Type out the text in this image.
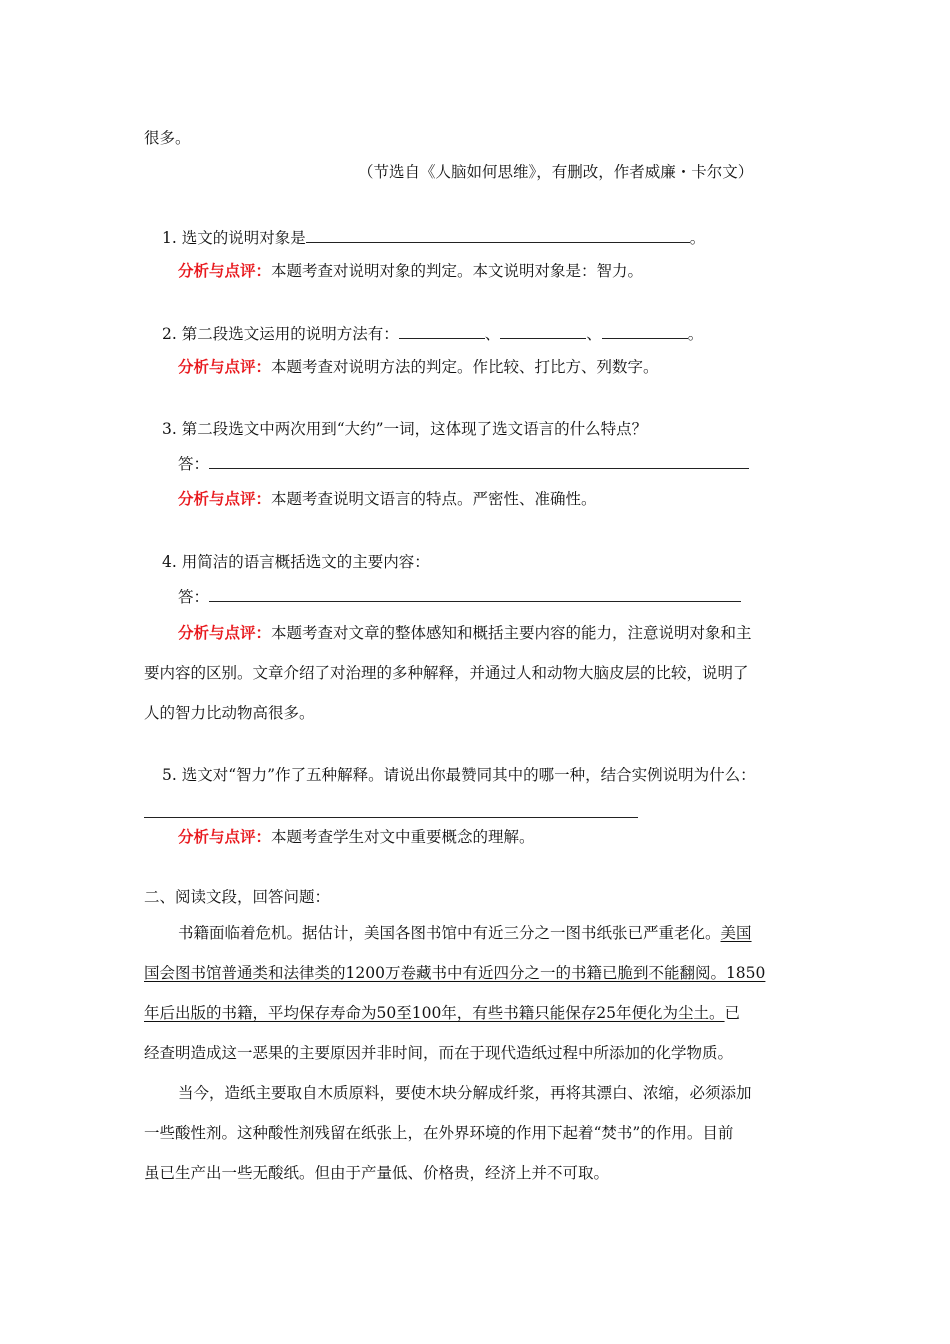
很多。
（节选自《人脑如何思维》，有删改，作者威廉・卡尔文）
1. 选文的说明对象是	。
分析与点评：本题考查对说明对象的判定。本文说明对象是：智力。
2. 第二段选文运用的说明方法有：	、	、	。
分析与点评：本题考查对说明方法的判定。作比较、打比方、列数字。
3. 第二段选文中两次用到“大约”一词，这体现了选文语言的什么特点？
答：
分析与点评：本题考查说明文语言的特点。严密性、准确性。
4. 用简洁的语言概括选文的主要内容：
答：
分析与点评：本题考查对文章的整体感知和概括主要内容的能力，注意说明对象和主
要内容的区别。文章介绍了对治理的多种解释，并通过人和动物大脑皮层的比较，说明了
人的智力比动物高很多。
5. 选文对“智力”作了五种解释。请说出你最赞同其中的哪一种，结合实例说明为什么：
分析与点评：本题考查学生对文中重要概念的理解。
二、阅读文段，回答问题：
书籍面临着危机。据估计，美国各图书馆中有近三分之一图书纸张已严重老化。美国
国会图书馆普通类和法律类的1200万卷藏书中有近四分之一的书籍已脆到不能翻阅。1850
年后出版的书籍，平均保存寿命为50至100年，有些书籍只能保存25年便化为尘土。已
经查明造成这一恶果的主要原因并非时间，而在于现代造纸过程中所添加的化学物质。
当今，造纸主要取自木质原料，要使木块分解成纤浆，再将其漂白、浓缩，必须添加
一些酸性剂。这种酸性剂残留在纸张上，在外界环境的作用下起着“焚书”的作用。目前
虽已生产出一些无酸纸。但由于产量低、价格贵，经济上并不可取。
